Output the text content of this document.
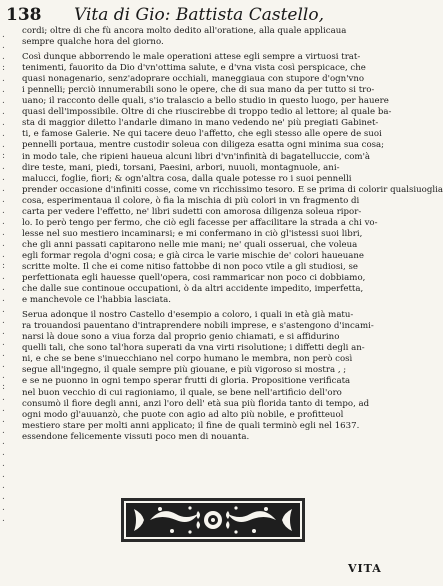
138 Vita di Gio: Battista Castello,
.
.
.
:
.
.
.
.
.
.
.
:
.
.
.
.
.
.
.
.
.
:
.
.
.
.
.
.
.
.
.
.
:
.
.
.
.
.
.
.
.
.
.
.
.
cordi; oltre di che fù ancora molto dedito all'oratione, alla quale applicaua
sempre qualche hora del giorno.
Così dunque abborrendo le male operationi attese egli sempre a virtuosi trat-
tenimenti, fauorito da Dio d'vn'ottima salute, e d'vna vista così perspicace, che
quasi nonagenario, senz'adoprare occhiali, maneggiaua con stupore d'ogn'vno
i pennelli; perciò innumerabili sono le opere, che di sua mano da per tutto si tro-
uano; il racconto delle quali, s'io tralascio a bello studio in questo luogo, per hauere
quasi dell'impossibile. Oltre di che riuscirebbe di troppo tedio al lettore; al quale ba-
sta di maggior diletto l'andarle dimano in mano vedendo ne' più pregiati Gabinet-
ti, e famose Galerie. Ne qui tacere deuo l'affetto, che egli stesso alle opere de suoi
pennelli portaua, mentre custodir soleua con diligeza esatta ogni minima sua cosa;
in modo tale, che ripieni haueua alcuni libri d'vn'infinità di bagatelluccie, com'à
dire teste, mani, piedi, torsani, Paesini, arbori, nuuoli, montagnuole, ani-
malucci, foglie, fiori; & ogn'altra cosa, dalla quale potesse ro i suoi pennelli
prender occasione d'infiniti cosse, come vn ricchissimo tesoro. E se prima di colorir qualsiuoglia
cosa, esperimentaua il colore, ò fia la mischia di più colori in vn fragmento di
carta per vedere l'effetto, ne' libri sudetti con amorosa diligenza soleua ripor-
lo. Io però tengo per fermo, che ciò egli facesse per affacilitare la strada a chi vo-
lesse nel suo mestiero incaminarsi; e mi confermano in ciò gl'istessi suoi libri,
che gli anni passati capitarono nelle mie mani; ne' quali osseruai, che voleua
egli formar regola d'ogni cosa; e già circa le varie mischie de' colori haueuane
scritte molte. Il che ei come nitiso fattobbe di non poco vtile a gli studiosi, se
perfettionata egli hauesse quell'opera, cosi rammaricar non poco ci dobbiamo,
che dalle sue continoue occupationi, ò da altri accidente impedito, imperfetta,
e manchevole ce l'habbia lasciata.
Serua adonque il nostro Castello d'esempio a coloro, i quali in età già matu-
ra trouandosi pauentano d'intraprendere nobili imprese, e s'astengono d'incami-
narsi là doue sono a viua forza dal proprio genio chiamati, e si affidurino
quelli tali, che sono tal'hora superati da vna virti risolutione; i diffetti degli an-
ni, e che se bene s'inuecchiano nel corpo humano le membra, non però così
segue all'ingegno, il quale sempre più giouane, e più vigoroso si mostra , ;
e se ne puonno in ogni tempo sperar frutti di gloria. Propositione verificata
nel buon vecchio di cui ragioniamo, il quale, se bene nell'artificio dell'oro
consumò il fiore degli anni, anzi l'oro dell' età sua più florida tanto di tempo, ad
ogni modo gl'auuanzò, che puote con agio ad alto più nobile, e profitteuol
mestiero stare per molti anni applicato; il fine de quali terminò egli nel 1637.
essendone felicemente vissuti poco men di nouanta.
VITA
